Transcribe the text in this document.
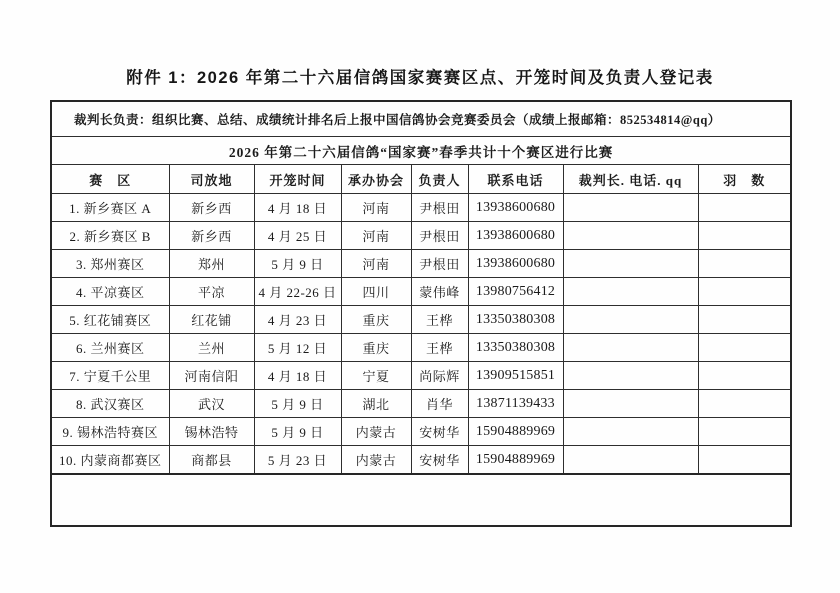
附件 1：2026 年第二十六届信鸽国家赛赛区点、开笼时间及负责人登记表
裁判长负责：组织比赛、总结、成绩统计排名后上报中国信鸽协会竞赛委员会（成绩上报邮箱：852534814@qq）							
2026 年第二十六届信鸽“国家赛”春季共计十个赛区进行比赛							
赛　区	司放地	开笼时间	承办协会	负责人	联系电话	裁判长. 电话. qq	羽　数
1. 新乡赛区 A	新乡西	4 月 18 日	河南	尹根田	13938600680		
2. 新乡赛区 B	新乡西	4 月 25 日	河南	尹根田	13938600680		
3. 郑州赛区	郑州	5 月 9 日	河南	尹根田	13938600680		
4. 平凉赛区	平凉	4 月 22-26 日	四川	蒙伟峰	13980756412		
5. 红花铺赛区	红花铺	4 月 23 日	重庆	王桦	13350380308		
6. 兰州赛区	兰州	5 月 12 日	重庆	王桦	13350380308		
7. 宁夏千公里	河南信阳	4 月 18 日	宁夏	尚际辉	13909515851		
8. 武汉赛区	武汉	5 月 9 日	湖北	肖华	13871139433		
9. 锡林浩特赛区	锡林浩特	5 月 9 日	内蒙古	安树华	15904889969		
10. 内蒙商都赛区	商都县	5 月 23 日	内蒙古	安树华	15904889969		
